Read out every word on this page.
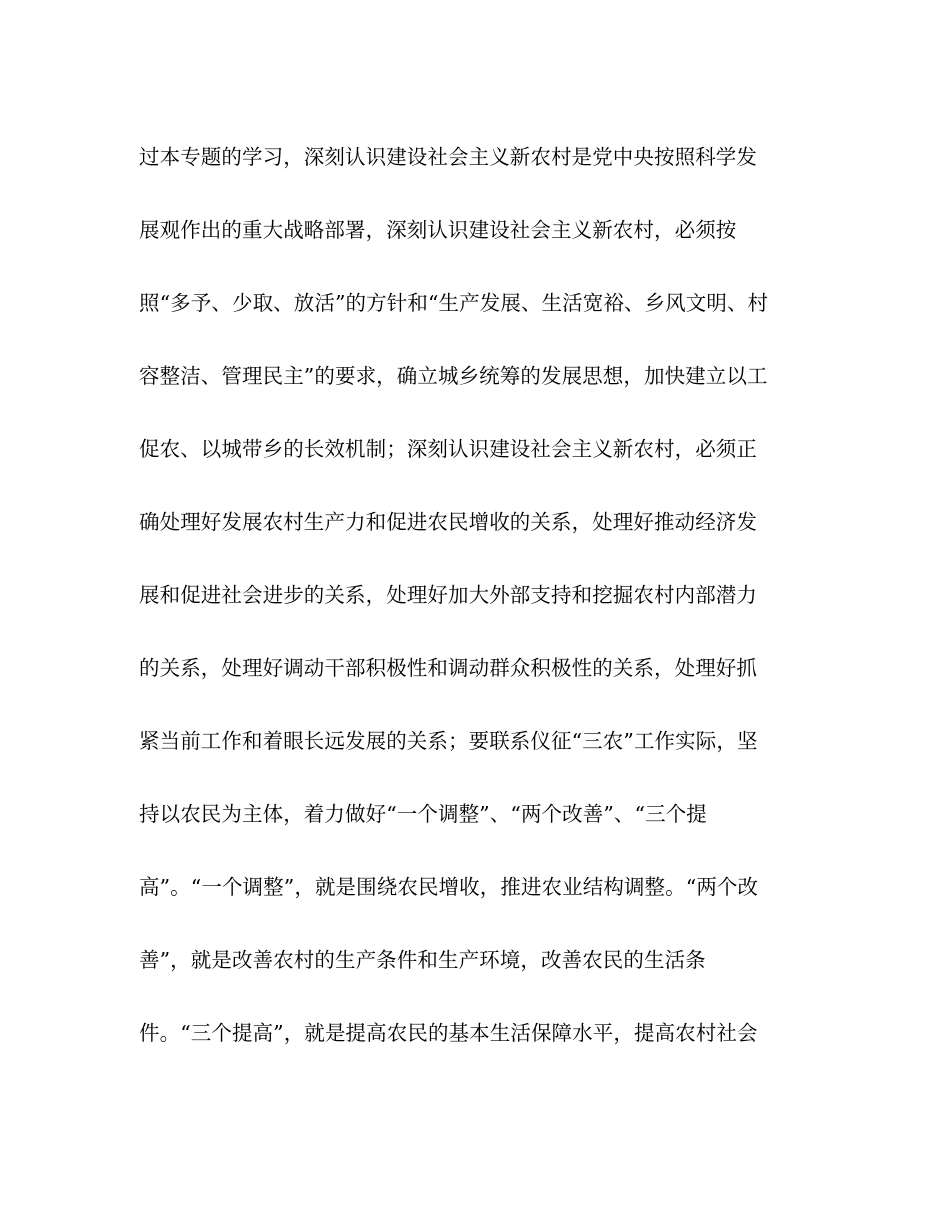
过本专题的学习，深刻认识建设社会主义新农村是党中央按照科学发
展观作出的重大战略部署，深刻认识建设社会主义新农村，必须按
照“多予、少取、放活”的方针和“生产发展、生活宽裕、乡风文明、村
容整洁、管理民主”的要求，确立城乡统筹的发展思想，加快建立以工
促农、以城带乡的长效机制；深刻认识建设社会主义新农村，必须正
确处理好发展农村生产力和促进农民增收的关系，处理好推动经济发
展和促进社会进步的关系，处理好加大外部支持和挖掘农村内部潜力
的关系，处理好调动干部积极性和调动群众积极性的关系，处理好抓
紧当前工作和着眼长远发展的关系；要联系仪征“三农”工作实际，坚
持以农民为主体，着力做好“一个调整”、“两个改善”、“三个提
高”。“一个调整”，就是围绕农民增收，推进农业结构调整。“两个改
善”，就是改善农村的生产条件和生产环境，改善农民的生活条
件。“三个提高”，就是提高农民的基本生活保障水平，提高农村社会
